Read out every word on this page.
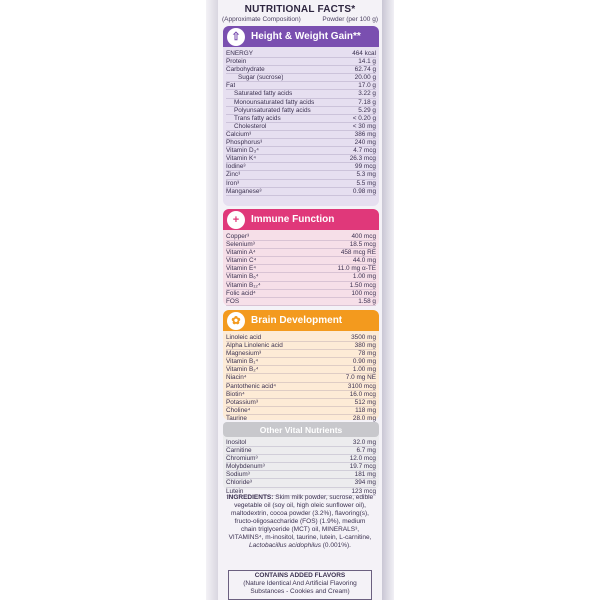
NUTRITIONAL FACTS*
(Approximate Composition)	Powder (per 100 g)
⇧	Height & Weight Gain**
ENERGY	464 kcal
Protein	14.1 g
Carbohydrate	62.74 g
Sugar (sucrose)	20.00 g
Fat	17.0 g
Saturated fatty acids	3.22 g
Monounsaturated fatty acids	7.18 g
Polyunsaturated fatty acids	5.29 g
Trans fatty acids	< 0.20 g
Cholesterol	< 30 mg
Calcium³	386 mg
Phosphorus³	240 mg
Vitamin D₃⁴	4.7 mcg
Vitamin K⁴	26.3 mcg
Iodine³	99 mcg
Zinc³	5.3 mg
Iron³	5.5 mg
Manganese³	0.98 mg
+	Immune Function
Copper³	400 mcg
Selenium³	18.5 mcg
Vitamin A⁴	458 mcg RE
Vitamin C⁴	44.0 mg
Vitamin E⁴	11.0 mg α-TE
Vitamin B₆⁴	1.00 mg
Vitamin B₁₂⁴	1.50 mcg
Folic acid⁴	100 mcg
FOS	1.58 g
✿	Brain Development
Linoleic acid	3500 mg
Alpha Linolenic acid	380 mg
Magnesium³	78 mg
Vitamin B₁⁴	0.90 mg
Vitamin B₂⁴	1.00 mg
Niacin⁴	7.0 mg NE
Pantothenic acid⁴	3100 mcg
Biotin⁴	16.0 mcg
Potassium³	512 mg
Choline⁴	118 mg
Taurine	28.0 mg
Other Vital Nutrients
Inositol	32.0 mg
Carnitine	6.7 mg
Chromium³	12.0 mcg
Molybdenum³	19.7 mcg
Sodium³	181 mg
Chloride³	394 mg
Lutein	123 mcg
INGREDIENTS: Skim milk powder, sucrose, edible vegetable oil (soy oil, high oleic sunflower oil), maltodextrin, cocoa powder (3.2%), flavoring(s), fructo-oligosaccharide (FOS) (1.9%), medium chain triglyceride (MCT) oil, MINERALS³, VITAMINS⁴, m-inositol, taurine, lutein, L-carnitine, Lactobacillus acidophilus (0.001%).
CONTAINS ADDED FLAVORS
(Nature Identical And Artificial Flavoring
Substances - Cookies and Cream)
